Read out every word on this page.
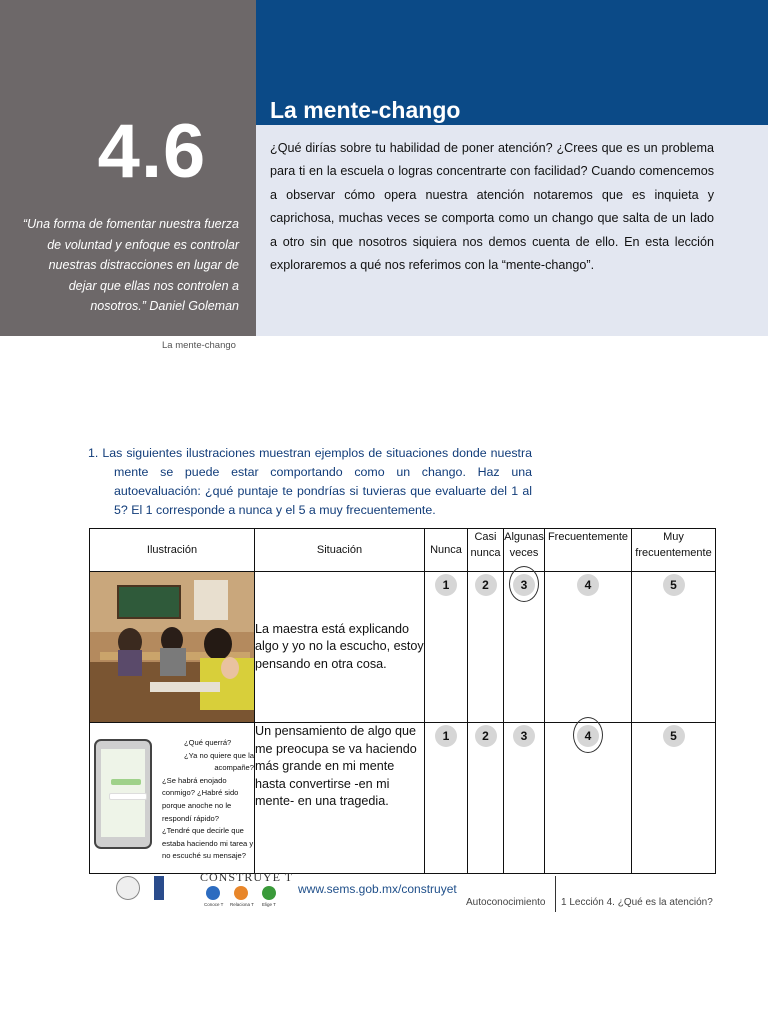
4.6
“Una forma de fomentar nuestra fuerza de voluntad y enfoque es controlar nuestras distracciones en lugar de dejar que ellas nos controlen a nosotros.” Daniel Goleman
La mente-chango
¿Qué dirías sobre tu habilidad de poner atención? ¿Crees que es un problema para ti en la escuela o logras concentrarte con facilidad? Cuando comencemos a observar cómo opera nuestra atención notaremos que es inquieta y caprichosa, muchas veces se comporta como un chango que salta de un lado a otro sin que nosotros siquiera nos demos cuenta de ello. En esta lección exploraremos a qué nos referimos con la “mente-chango”.
La mente-chango
1. Las siguientes ilustraciones muestran ejemplos de situaciones donde nuestra mente se puede estar comportando como un chango. Haz una autoevaluación: ¿qué puntaje te pondrías si tuvieras que evaluarte del 1 al 5? El 1 corresponde a nunca y el 5 a muy frecuentemente.
Ilustración	Situación	Nunca	Casi nunca	Algunas veces	Frecuentemente	Muy frecuentemente

	La maestra está explicando algo y yo no la escucho, estoy pensando en otra cosa.	1	2	3	4	5

¿Qué querrá?
¿Ya no quiere que la acompañe?
¿Se habrá enojado conmigo? ¿Habré sido porque anoche no le respondí rápido?
¿Tendré que decirle que estaba haciendo mi tarea y no escuché su mensaje?	Un pensamiento de algo que me preocupa se va haciendo más grande en mi mente hasta convertirse -en mi mente- en una tragedia.	1	2	3	4	5
CONSTRUYE T
Conoce T Relaciona T Elige T
www.sems.gob.mx/construyet
Autoconocimiento 1 Lección 4. ¿Qué es la atención?
